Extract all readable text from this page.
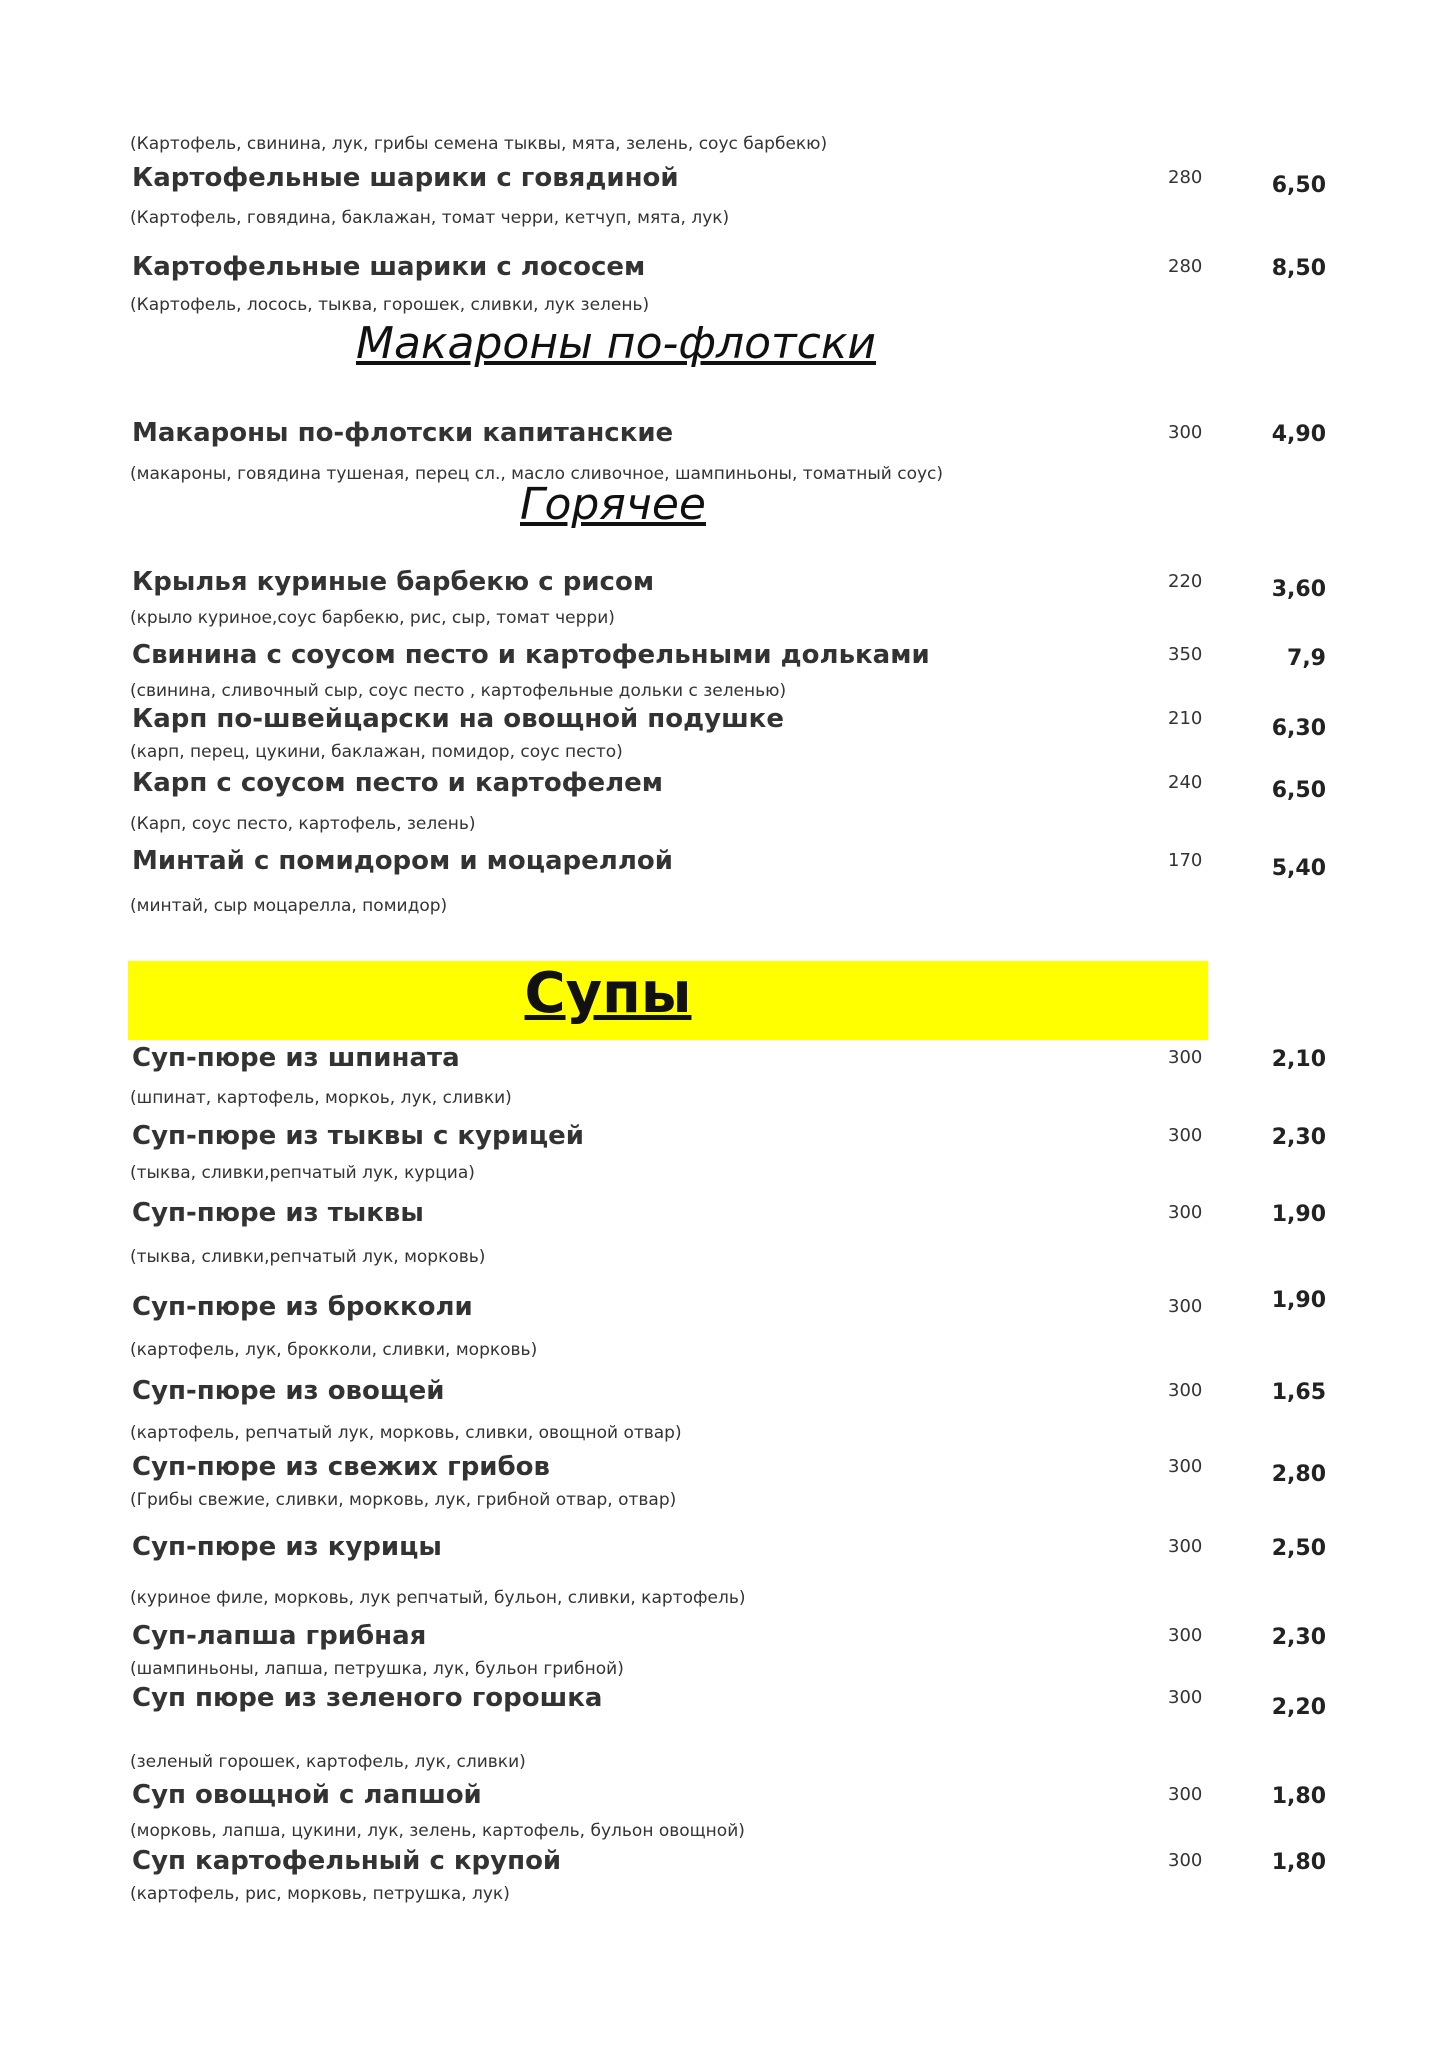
(Картофель, свинина, лук, грибы семена тыквы, мята, зелень, соус барбекю)
Картофельные шарики с говядиной	280	6,50
(Картофель, говядина, баклажан, томат черри, кетчуп, мята, лук)
Картофельные шарики с лососем	280	8,50
(Картофель, лосось, тыква, горошек, сливки, лук зелень)
Макароны по-флотски
Макароны по-флотски капитанские	300	4,90
(макароны, говядина тушеная, перец сл., масло сливочное, шампиньоны, томатный соус)
Горячее
Крылья куриные барбекю с рисом	220	3,60
(крыло куриное,соус барбекю, рис, сыр, томат черри)
Свинина с соусом песто и картофельными дольками	350	7,9
(свинина, сливочный сыр, соус песто , картофельные дольки с зеленью)
Карп по-швейцарски на овощной подушке	210	6,30
(карп, перец, цукини, баклажан, помидор, соус песто)
Карп с соусом песто и картофелем	240	6,50
(Карп, соус песто, картофель, зелень)
Минтай с помидором и моцареллой	170	5,40
(минтай, сыр моцарелла, помидор)
Супы
Суп-пюре из шпината	300	2,10
(шпинат, картофель, моркоь, лук, сливки)
Суп-пюре из тыквы с курицей	300	2,30
(тыква, сливки,репчатый лук, курциа)
Суп-пюре из тыквы	300	1,90
(тыква, сливки,репчатый лук, морковь)
Суп-пюре из брокколи	300	1,90
(картофель, лук, брокколи, сливки, морковь)
Суп-пюре из овощей	300	1,65
(картофель, репчатый лук, морковь, сливки, овощной отвар)
Суп-пюре из свежих грибов	300	2,80
(Грибы свежие, сливки, морковь, лук, грибной отвар, отвар)
Суп-пюре из курицы	300	2,50
(куриное филе, морковь, лук репчатый, бульон, сливки, картофель)
Суп-лапша грибная	300	2,30
(шампиньоны, лапша, петрушка, лук, бульон грибной)
Суп пюре из зеленого горошка	300	2,20
(зеленый горошек, картофель, лук, сливки)
Суп овощной с лапшой	300	1,80
(морковь, лапша, цукини, лук, зелень, картофель, бульон овощной)
Суп картофельный с крупой	300	1,80
(картофель, рис, морковь, петрушка, лук)
